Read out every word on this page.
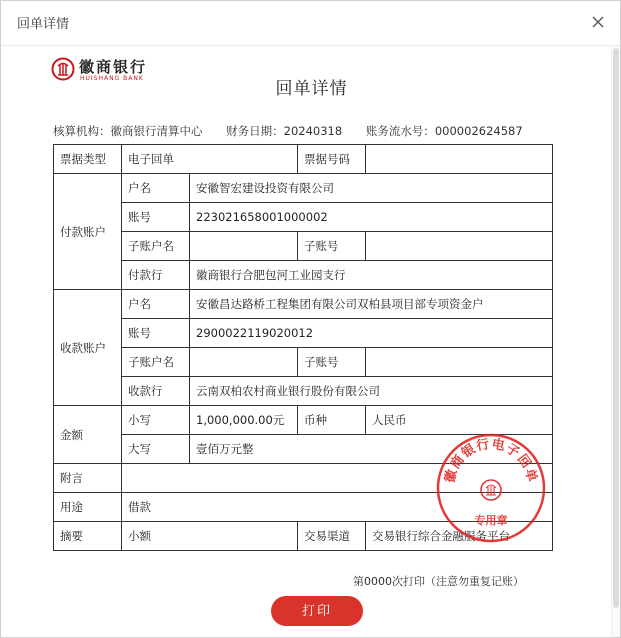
回单详情
徽商银行
HUISHANG BANK
回单详情
核算机构：徽商银行清算中心 财务日期：20240318 账务流水号：000002624587
票据类型	电子回单		票据号码	
付款账户	户名	安徽智宏建设投资有限公司		
	账号	223021658001000002		
	子账户名		子账号	
	付款行	徽商银行合肥包河工业园支行		
收款账户	户名	安徽昌达路桥工程集团有限公司双柏县项目部专项资金户		
	账号	2900022119020012		
	子账户名		子账号	
	收款行	云南双柏农村商业银行股份有限公司		
金额	小写	1,000,000.00元	币种	人民币
	大写	壹佰万元整		
附言				
用途	借款			
摘要	小额		交易渠道	交易银行综合金融服务平台
徽商银行电子回单
专用章
第0000次打印（注意勿重复记账）
打印
